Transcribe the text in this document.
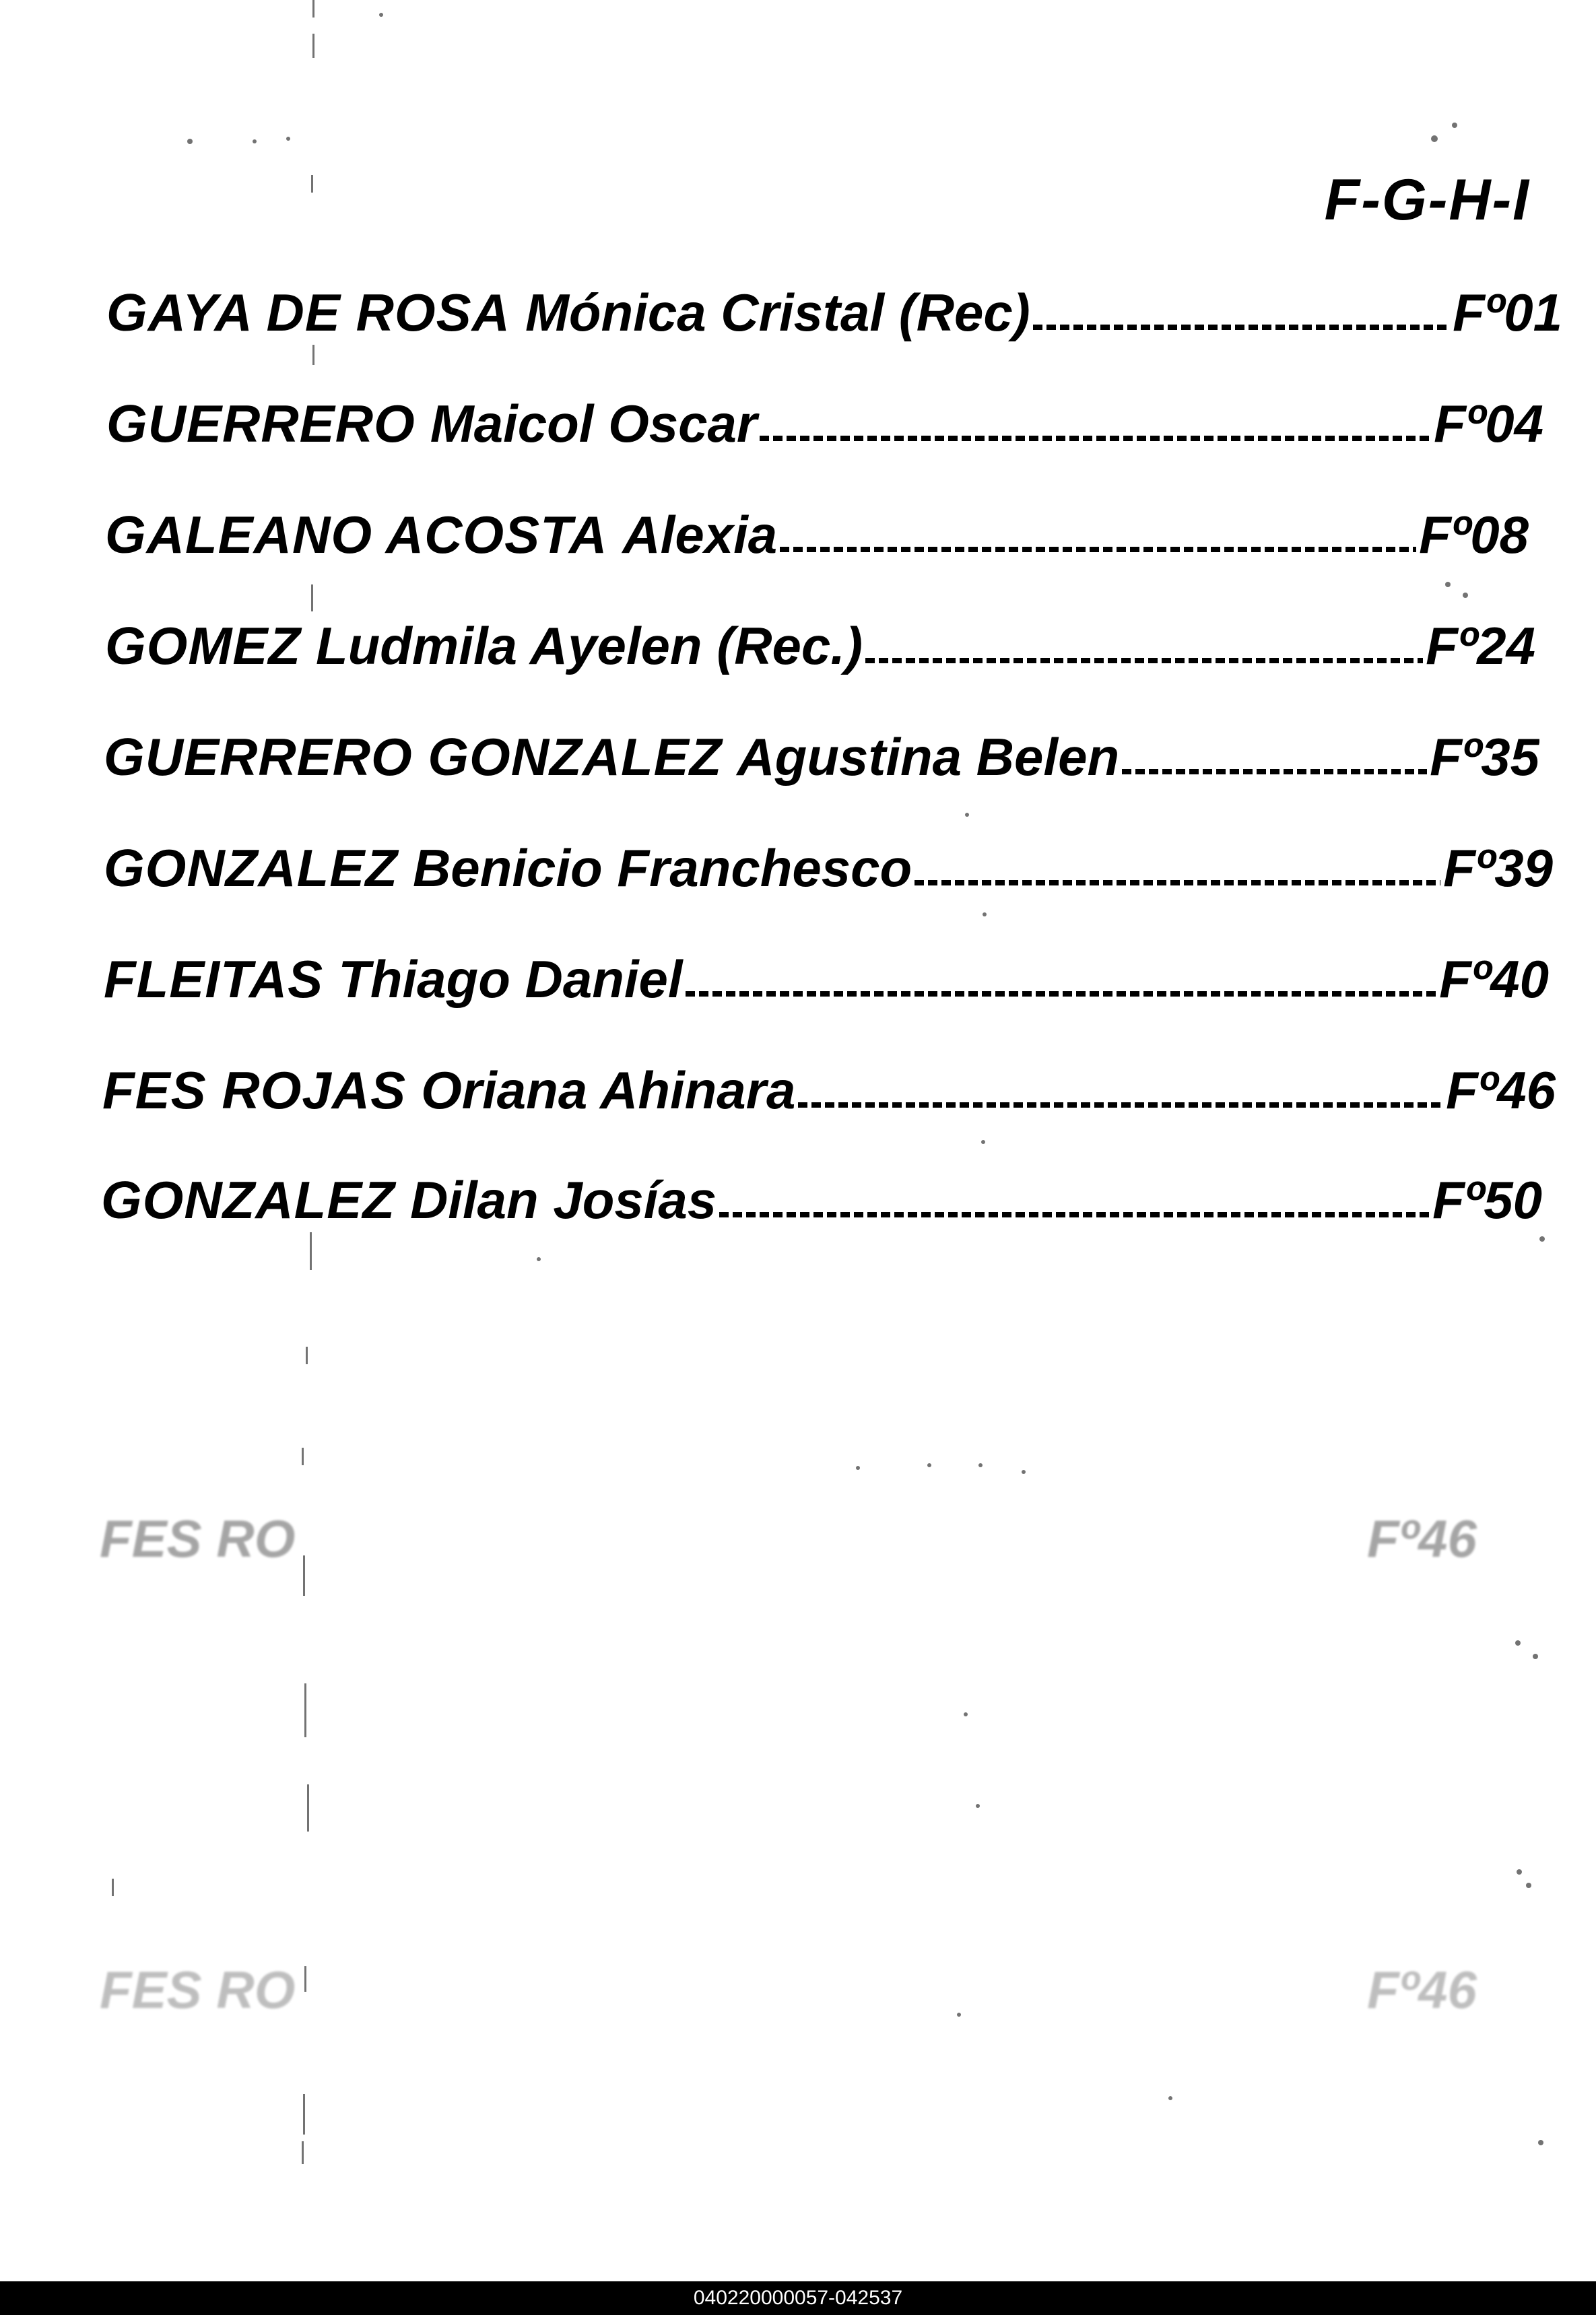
F-G-H-I
GAYA DE ROSA Mónica Cristal (Rec)	Fº01
GUERRERO Maicol Oscar	Fº04
GALEANO ACOSTA Alexia	Fº08
GOMEZ Ludmila Ayelen (Rec.)	Fº24
GUERRERO GONZALEZ Agustina Belen	Fº35
GONZALEZ Benicio Franchesco	Fº39
FLEITAS Thiago Daniel	Fº40
FES ROJAS Oriana Ahinara	Fº46
GONZALEZ Dilan Josías	Fº50
FES RO	Fº46
FES RO	Fº46
040220000057-042537
